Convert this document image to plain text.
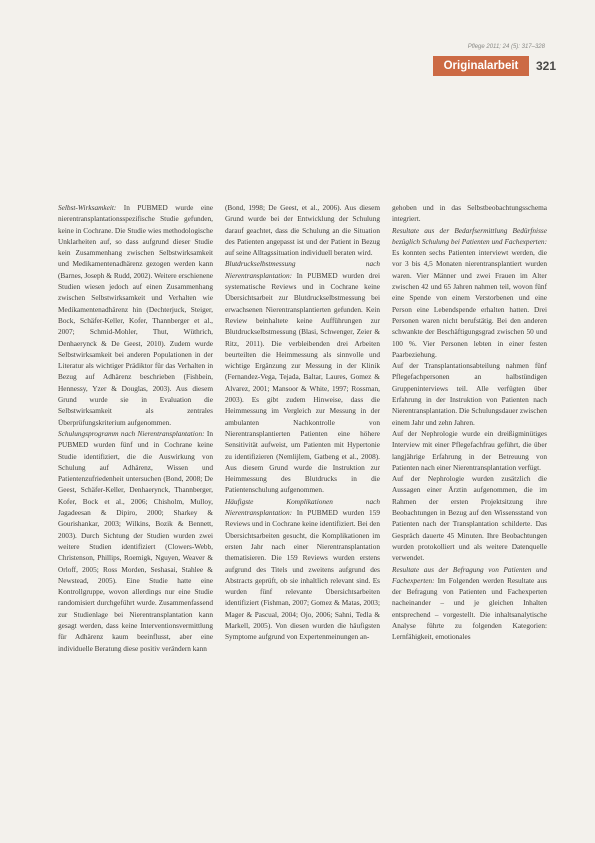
Pflege 2011; 24 (5): 317–328
Originalarbeit	321

Selbst-Wirksamkeit: In PUBMED wurde eine nierentransplantationsspezifische Studie gefunden, keine in Cochrane. Die Studie wies methodologische Unklarheiten auf, so dass aufgrund dieser Studie kein Zusammenhang zwischen Selbstwirksamkeit und Medikamentenadhärenz gezogen werden kann (Barnes, Joseph & Rudd, 2002). Weitere erschienene Studien wiesen jedoch auf einen Zusammenhang zwischen Selbstwirksamkeit und Verhalten wie Medikamentenadhärenz hin (Dechterjuck, Steiger, Bock, Schäfer-Keller, Kofer, Thannberger et al., 2007; Schmid-Mohler, Thut, Wüthrich, Denhaerynck & De Geest, 2010). Zudem wurde Selbstwirksamkeit bei anderen Populationen in der Literatur als wichtiger Prädiktor für das Verhalten in Bezug auf Adhärenz beschrieben (Fishbein, Hennessy, Yzer & Douglas, 2003). Aus diesem Grund wurde sie in Evaluation die Selbstwirksamkeit als zentrales Überprüfungskriterium aufgenommen.

Schulungsprogramm nach Nierentransplantation: In PUBMED wurden fünf und in Cochrane keine Studie identifiziert, die die Auswirkung von Schulung auf Adhärenz, Wissen und Patientenzufriedenheit untersuchen (Bond, 2008; De Geest, Schäfer-Keller, Denhaerynck, Thannberger, Kofer, Bock et al., 2006; Chisholm, Mulloy, Jagadeesan & Dipiro, 2000; Sharkey & Gourishankar, 2003; Wilkins, Bozik & Bennett, 2003). Durch Sichtung der Studien wurden zwei weitere Studien identifiziert (Clowers-Webb, Christenson, Phillips, Roemigk, Nguyen, Weaver & Orloff, 2005; Ross Morden, Seshasai, Stahlee & Newstead, 2005). Eine Studie hatte eine Kontrollgruppe, wovon allerdings nur eine Studie randomisiert durchgeführt wurde. Zusammenfassend zur Studienlage bei Nierentransplantation kann gesagt werden, dass keine Interventionsvermittlung für Adhärenz kaum beeinflusst, aber eine individuelle Beratung diese positiv verändern kann

(Bond, 1998; De Geest, et al., 2006). Aus diesem Grund wurde bei der Entwicklung der Schulung darauf geachtet, dass die Schulung an die Situation des Patienten angepasst ist und der Patient in Bezug auf seine Alltagssituation individuell beraten wird.

Blutdruckselbstmessung nach Nierentransplantation: In PUBMED wurden drei systematische Reviews und in Cochrane keine Übersichtsarbeit zur Blutdruckselbstmessung bei erwachsenen Nierentransplantierten gefunden. Kein Review beinhaltete keine Aufführungen zur Blutdruckselbstmessung (Blasi, Schwenger, Zeier & Ritz, 2011). Die verbleibenden drei Arbeiten beurteilten die Heimmessung als sinnvolle und wichtige Ergänzung zur Messung in der Klinik (Fernandez-Vega, Tejada, Baltar, Laures, Gomez & Alvarez, 2001; Mansoor & White, 1997; Rossman, 2003). Es gibt zudem Hinweise, dass die Heimmessung im Vergleich zur Messung in der ambulanten Nachkontrolle von Nierentransplantierten Patienten eine höhere Sensitivität aufweist, um Patienten mit Hypertonie zu identifizieren (Nemlijlem, Gatbeng et al., 2008). Aus diesem Grund wurde die Instruktion zur Heimmessung des Blutdrucks in die Patientenschulung aufgenommen.

Häufigste Komplikationen nach Nierentransplantation: In PUBMED wurden 159 Reviews und in Cochrane keine identifiziert. Bei den Übersichtsarbeiten gesucht, die Komplikationen im ersten Jahr nach einer Nierentransplantation thematisieren. Die 159 Reviews wurden erstens aufgrund des Titels und zweitens aufgrund des Abstracts geprüft, ob sie inhaltlich relevant sind. Es wurden fünf relevante Übersichtsarbeiten identifiziert (Fishman, 2007; Gomez & Matas, 2003; Mager & Pascual, 2004; Ojo, 2006; Sahni, Tedla & Markell, 2005). Von diesen wurden die häufigsten Symptome aufgrund von Expertenmeinungen an-

gehoben und in das Selbstbeobachtungsschema integriert.

Resultate aus der Bedarfsermittlung Bedürfnisse bezüglich Schulung bei Patienten und Fachexperten: Es konnten sechs Patienten interviewt werden, die vor 3 bis 4,5 Monaten nierentransplantiert wurden waren. Vier Männer und zwei Frauen im Alter zwischen 42 und 65 Jahren nahmen teil, wovon fünf eine Spende von einem Verstorbenen und eine Person eine Lebendspende erhalten hatten. Drei Personen waren nicht berufstätig. Bei den anderen schwankte der Beschäftigungsgrad zwischen 50 und 100 %. Vier Personen lebten in einer festen Paarbeziehung.

Auf der Transplantationsabteilung nahmen fünf Pflegefachpersonen an halbstündigen Gruppeninterviews teil. Alle verfügten über Erfahrung in der Instruktion von Patienten nach Nierentransplantation. Die Schulungsdauer zwischen einem Jahr und zehn Jahren.

Auf der Nephrologie wurde ein dreißigminütiges Interview mit einer Pflegefachfrau geführt, die über langjährige Erfahrung in der Betreuung von Patienten nach einer Nierentransplantation verfügt.

Auf der Nephrologie wurden zusätzlich die Aussagen einer Ärztin aufgenommen, die im Rahmen der ersten Projektsitzung ihre Beobachtungen in Bezug auf den Wissensstand von Patienten nach der Transplantation schilderte. Das Gespräch dauerte 45 Minuten. Ihre Beobachtungen wurden protokolliert und als weitere Datenquelle verwendet.

Resultate aus der Befragung von Patienten und Fachexperten: Im Folgenden werden Resultate aus der Befragung von Patienten und Fachexperten nacheinander – und je gleichen Inhalten entsprechend – vorgestellt. Die inhaltsanalytische Analyse führte zu folgenden Kategorien: Lernfähigkeit, emotionales
